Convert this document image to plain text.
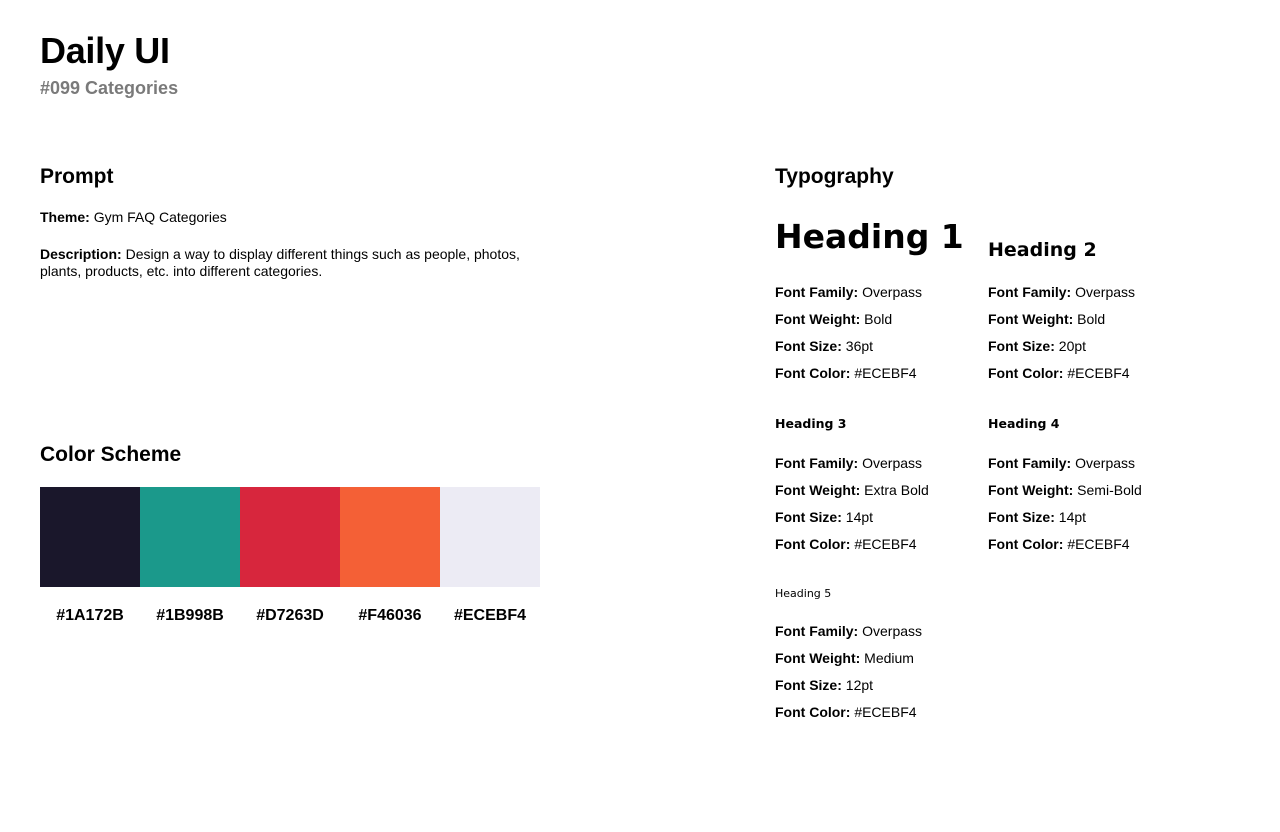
Daily UI

#099 Categories

Prompt
Theme: Gym FAQ Categories
Description: Design a way to display different things such as people, photos, plants, products, etc. into different categories.
Color Scheme
#1A172B	#1B998B	#D7263D	#F46036	#ECEBF4
Typography
Heading 1
Font Family: Overpass
Font Weight: Bold
Font Size: 36pt
Font Color: #ECEBF4
Heading 2
Font Family: Overpass
Font Weight: Bold
Font Size: 20pt
Font Color: #ECEBF4
Heading 3
Font Family: Overpass
Font Weight: Extra Bold
Font Size: 14pt
Font Color: #ECEBF4
Heading 4
Font Family: Overpass
Font Weight: Semi-Bold
Font Size: 14pt
Font Color: #ECEBF4
Heading 5
Font Family: Overpass
Font Weight: Medium
Font Size: 12pt
Font Color: #ECEBF4
